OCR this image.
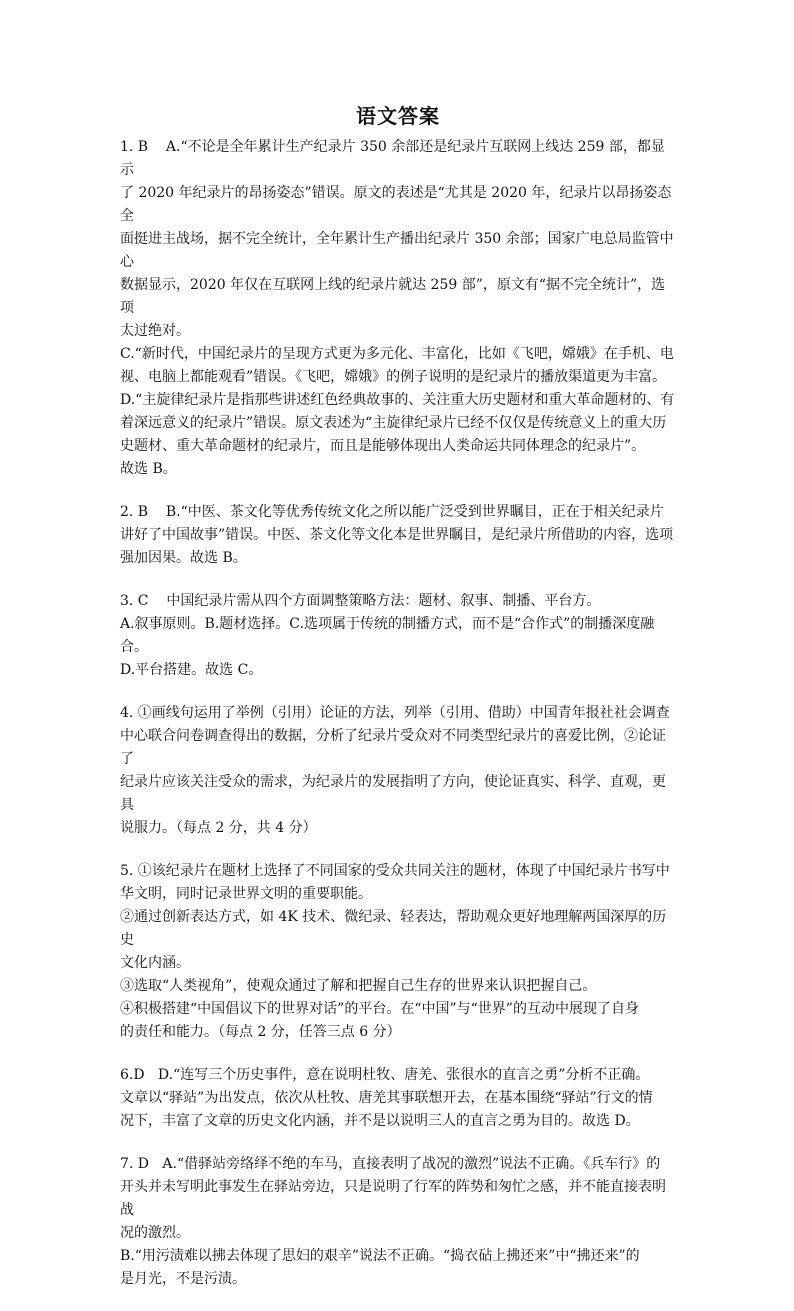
语文答案

1. B    A.“不论是全年累计生产纪录片 350 余部还是纪录片互联网上线达 259 部，都显示

了 2020 年纪录片的昂扬姿态”错误。原文的表述是“尤其是 2020 年，纪录片以昂扬姿态全

面挺进主战场，据不完全统计，全年累计生产播出纪录片 350 余部；国家广电总局监管中心

数据显示，2020 年仅在互联网上线的纪录片就达 259 部”，原文有“据不完全统计”，选项

太过绝对。

C.“新时代，中国纪录片的呈现方式更为多元化、丰富化，比如《飞吧，嫦娥》在手机、电

视、电脑上都能观看”错误。《飞吧，嫦娥》的例子说明的是纪录片的播放渠道更为丰富。

D.“主旋律纪录片是指那些讲述红色经典故事的、关注重大历史题材和重大革命题材的、有

着深远意义的纪录片”错误。原文表述为“主旋律纪录片已经不仅仅是传统意义上的重大历

史题材、重大革命题材的纪录片，而且是能够体现出人类命运共同体理念的纪录片”。

故选 B。

2. B    B.“中医、茶文化等优秀传统文化之所以能广泛受到世界瞩目，正在于相关纪录片

讲好了中国故事”错误。中医、茶文化等文化本是世界瞩目，是纪录片所借助的内容，选项

强加因果。故选 B。

3. C    中国纪录片需从四个方面调整策略方法：题材、叙事、制播、平台方。

A.叙事原则。B.题材选择。C.选项属于传统的制播方式，而不是“合作式”的制播深度融合。

D.平台搭建。故选 C。

4. ①画线句运用了举例（引用）论证的方法，列举（引用、借助）中国青年报社社会调查

中心联合问卷调查得出的数据，分析了纪录片受众对不同类型纪录片的喜爱比例，②论证了

纪录片应该关注受众的需求，为纪录片的发展指明了方向，使论证真实、科学、直观，更具

说服力。（每点 2 分，共 4 分）

5. ①该纪录片在题材上选择了不同国家的受众共同关注的题材，体现了中国纪录片书写中

华文明，同时记录世界文明的重要职能。

②通过创新表达方式，如 4K 技术、微纪录、轻表达，帮助观众更好地理解两国深厚的历史

文化内涵。

③选取“人类视角”，使观众通过了解和把握自己生存的世界来认识把握自己。

④积极搭建“中国倡议下的世界对话”的平台。在“中国”与“世界”的互动中展现了自身

的责任和能力。（每点 2 分，任答三点 6 分）

6.D   D.“连写三个历史事件，意在说明杜牧、唐羌、张很水的直言之勇”分析不正确。

文章以“驿站”为出发点，依次从杜牧、唐羌其事联想开去，在基本围绕“驿站”行文的情

况下，丰富了文章的历史文化内涵，并不是以说明三人的直言之勇为目的。故选 D。

7. D   A.“借驿站旁络绎不绝的车马，直接表明了战况的激烈”说法不正确。《兵车行》的

开头并未写明此事发生在驿站旁边，只是说明了行军的阵势和匆忙之感，并不能直接表明战

况的激烈。

B.“用污渍难以拂去体现了思妇的艰辛”说法不正确。“捣衣砧上拂还来”中“拂还来”的

是月光，不是污渍。
